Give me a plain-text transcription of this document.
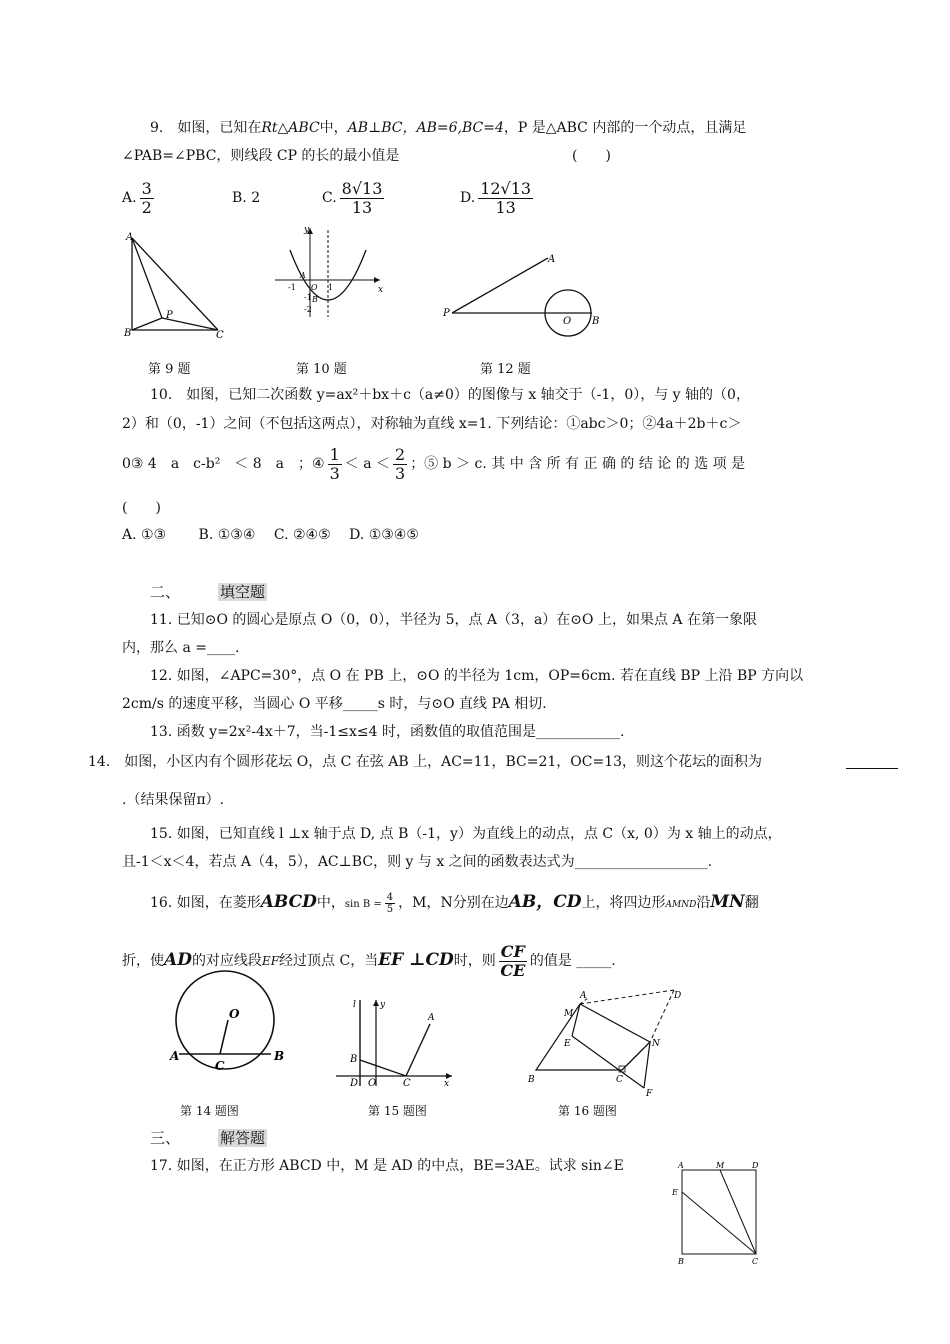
9.　如图，已知在Rt△ABC中，AB⊥BC，AB=6,BC=4，P 是△ABC 内部的一个动点，且满足
∠PAB=∠PBC，则线段 CP 的长的最小值是	(　　)
A. $\frac{3}{2}$	B. 2	C. $\frac{8√13}{13}$	D. $\frac{12√13}{13}$
A
B	C
P
y
x
-1 O 1
A
B
-2
-1
P
A
O B
第 9 题	第 10 题	第 12 题
10.　如图，已知二次函数 y=ax²＋bx＋c（a≠0）的图像与 x 轴交于（-1，0），与 y 轴的（0，
2）和（0，-1）之间（不包括这两点），对称轴为直线 x=1. 下列结论：①abc＞0；②4a＋2b＋c＞
0③ 4　a　c-b²　＜ 8　a　；④ $\frac{1}{3} < a < \frac{2}{3}$ ；⑤ b ＞ c. 其 中 含 所 有 正 确 的 结 论 的 选 项 是
(　　)
A. ①③　　 B. ①③④　 C. ②④⑤　 D. ①③④⑤
二、	填空题
11. 已知⊙O 的圆心是原点 O（0，0），半径为 5，点 A（3，a）在⊙O 上，如果点 A 在第一象限
内，那么 a =____.
12. 如图，∠APC=30°，点 O 在 PB 上，⊙O 的半径为 1cm，OP=6cm. 若在直线 BP 上沿 BP 方向以
2cm/s 的速度平移，当圆心 O 平移_____s 时，与⊙O 直线 PA 相切.
13. 函数 y=2x²-4x＋7，当-1≤x≤4 时，函数值的取值范围是____________.
14.　如图，小区内有个圆形花坛 O，点 C 在弦 AB 上，AC=11，BC=21，OC=13，则这个花坛的面积为
.（结果保留π）.
15. 如图，已知直线 l ⊥x 轴于点 D, 点 B（-1，y）为直线上的动点，点 C（x, 0）为 x 轴上的动点，
且-1＜x＜4，若点 A（4，5），AC⊥BC，则 y 与 x 之间的函数表达式为___________________.
16. 如图，在菱形ABCD中，$\sin B = \frac{4}{5}$ ，M，N分别在边AB，CD上，将四边形AMND沿MN翻
折，使AD的对应线段EF经过顶点 C，当EF ⊥CD时，则 $\frac{CF}{CE}$ 的值是 _____.
O
A	B
C
l	y
A
B
D O	C	x
A	D
M
N
E
B	C
F
第 14 题图	第 15 题图	第 16 题图
三、	解答题
17. 如图，在正方形 ABCD 中，M 是 AD 的中点，BE=3AE。试求 sin∠E	A	M	D
E
B	C
